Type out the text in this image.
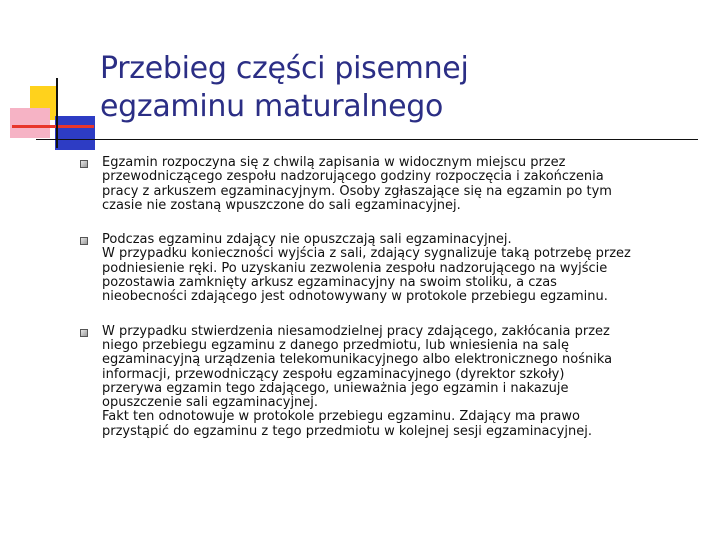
Przebieg części pisemnej
egzaminu maturalnego
Egzamin rozpoczyna się z chwilą zapisania w widocznym miejscu przez
przewodniczącego zespołu nadzorującego godziny rozpoczęcia i zakończenia
pracy z arkuszem egzaminacyjnym. Osoby zgłaszające się na egzamin po tym
czasie nie zostaną wpuszczone do sali egzaminacyjnej.
Podczas egzaminu zdający nie opuszczają sali egzaminacyjnej.
W przypadku konieczności wyjścia z sali, zdający sygnalizuje taką potrzebę przez
podniesienie ręki. Po uzyskaniu zezwolenia zespołu nadzorującego na wyjście
pozostawia zamknięty arkusz egzaminacyjny na swoim stoliku, a czas
nieobecności zdającego jest odnotowywany w protokole przebiegu egzaminu.
W przypadku stwierdzenia niesamodzielnej pracy zdającego, zakłócania przez
niego przebiegu egzaminu z danego przedmiotu, lub wniesienia na salę
egzaminacyjną urządzenia telekomunikacyjnego albo elektronicznego nośnika
informacji, przewodniczący zespołu egzaminacyjnego (dyrektor szkoły)
przerywa egzamin tego zdającego, unieważnia jego egzamin i nakazuje
opuszczenie sali egzaminacyjnej.
Fakt ten odnotowuje w protokole przebiegu egzaminu. Zdający ma prawo
przystąpić do egzaminu z tego przedmiotu w kolejnej sesji egzaminacyjnej.
